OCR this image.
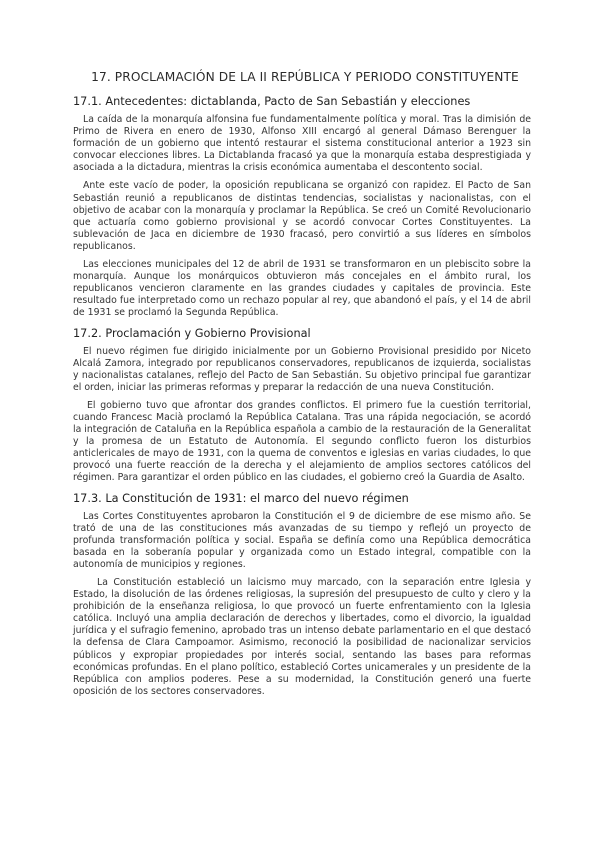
17. PROCLAMACIÓN DE LA II REPÚBLICA Y PERIODO CONSTITUYENTE
17.1. Antecedentes: dictablanda, Pacto de San Sebastián y elecciones

La caída de la monarquía alfonsina fue fundamentalmente política y moral. Tras la dimisión de Primo de Rivera en enero de 1930, Alfonso XIII encargó al general Dámaso Berenguer la formación de un gobierno que intentó restaurar el sistema constitucional anterior a 1923 sin convocar elecciones libres. La Dictablanda fracasó ya que la monarquía estaba desprestigiada y asociada a la dictadura, mientras la crisis económica aumentaba el descontento social.

Ante este vacío de poder, la oposición republicana se organizó con rapidez. El Pacto de San Sebastián reunió a republicanos de distintas tendencias, socialistas y nacionalistas, con el objetivo de acabar con la monarquía y proclamar la República. Se creó un Comité Revolucionario que actuaría como gobierno provisional y se acordó convocar Cortes Constituyentes. La sublevación de Jaca en diciembre de 1930 fracasó, pero convirtió a sus líderes en símbolos republicanos.

Las elecciones municipales del 12 de abril de 1931 se transformaron en un plebiscito sobre la monarquía. Aunque los monárquicos obtuvieron más concejales en el ámbito rural, los republicanos vencieron claramente en las grandes ciudades y capitales de provincia. Este resultado fue interpretado como un rechazo popular al rey, que abandonó el país, y el 14 de abril de 1931 se proclamó la Segunda República.

17.2. Proclamación y Gobierno Provisional

El nuevo régimen fue dirigido inicialmente por un Gobierno Provisional presidido por Niceto Alcalá Zamora, integrado por republicanos conservadores, republicanos de izquierda, socialistas y nacionalistas catalanes, reflejo del Pacto de San Sebastián. Su objetivo principal fue garantizar el orden, iniciar las primeras reformas y preparar la redacción de una nueva Constitución.

El gobierno tuvo que afrontar dos grandes conflictos. El primero fue la cuestión territorial, cuando Francesc Macià proclamó la República Catalana. Tras una rápida negociación, se acordó la integración de Cataluña en la República española a cambio de la restauración de la Generalitat y la promesa de un Estatuto de Autonomía. El segundo conflicto fueron los disturbios anticlericales de mayo de 1931, con la quema de conventos e iglesias en varias ciudades, lo que provocó una fuerte reacción de la derecha y el alejamiento de amplios sectores católicos del régimen. Para garantizar el orden público en las ciudades, el gobierno creó la Guardia de Asalto.

17.3. La Constitución de 1931: el marco del nuevo régimen

Las Cortes Constituyentes aprobaron la Constitución el 9 de diciembre de ese mismo año. Se trató de una de las constituciones más avanzadas de su tiempo y reflejó un proyecto de profunda transformación política y social. España se definía como una República democrática basada en la soberanía popular y organizada como un Estado integral, compatible con la autonomía de municipios y regiones.

La Constitución estableció un laicismo muy marcado, con la separación entre Iglesia y Estado, la disolución de las órdenes religiosas, la supresión del presupuesto de culto y clero y la prohibición de la enseñanza religiosa, lo que provocó un fuerte enfrentamiento con la Iglesia católica. Incluyó una amplia declaración de derechos y libertades, como el divorcio, la igualdad jurídica y el sufragio femenino, aprobado tras un intenso debate parlamentario en el que destacó la defensa de Clara Campoamor. Asimismo, reconoció la posibilidad de nacionalizar servicios públicos y expropiar propiedades por interés social, sentando las bases para reformas económicas profundas. En el plano político, estableció Cortes unicamerales y un presidente de la República con amplios poderes. Pese a su modernidad, la Constitución generó una fuerte oposición de los sectores conservadores.
